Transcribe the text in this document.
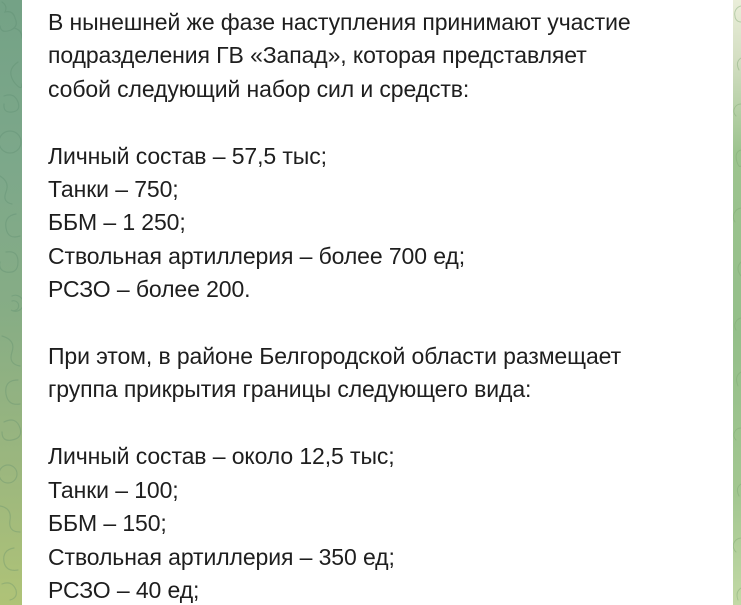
В нынешней же фазе наступления принимают участие
подразделения ГВ «Запад», которая представляет
собой следующий набор сил и средств:

Личный состав – 57,5 тыс;
Танки – 750;
ББМ – 1 250;
Ствольная артиллерия – более 700 ед;
РСЗО – более 200.

При этом, в районе Белгородской области размещает
группа прикрытия границы следующего вида:

Личный состав – около 12,5 тыс;
Танки – 100;
ББМ – 150;
Ствольная артиллерия – 350 ед;
РСЗО – 40 ед;
